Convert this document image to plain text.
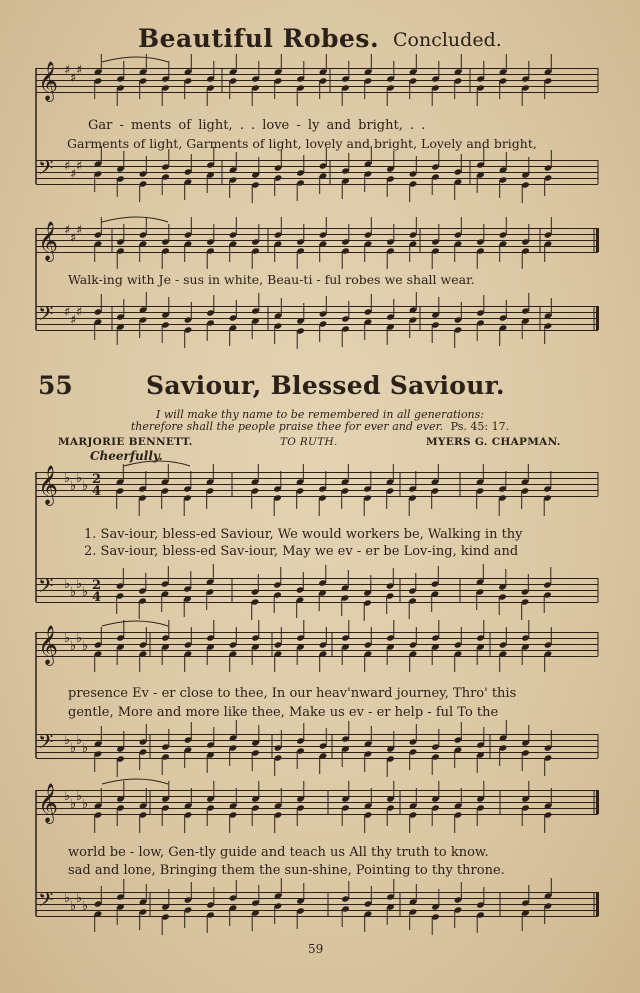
Beautiful Robes. Concluded.
Gar - ments of light, . . love - ly and bright, . .
Garments of light, Garments of light, lovely and bright, Lovely and bright,
Walk-ing with Je - sus in white, Beau-ti - ful robes we shall wear.
55	Saviour, Blessed Saviour.
I will make thy name to be remembered in all generations:
therefore shall the people praise thee for ever and ever. Ps. 45: 17.
MARJORIE BENNETT.	TO RUTH.	MYERS G. CHAPMAN.
Cheerfully.
1. Sav-iour, bless-ed Saviour, We would workers be, Walking in thy
2. Sav-iour, bless-ed Sav-iour, May we ev - er be Lov-ing, kind and
presence Ev - er close to thee, In our heav'nward journey, Thro' this
gentle, More and more like thee, Make us ev - er help - ful To the
world be - low, Gen-tly guide and teach us All thy truth to know.
sad and lone, Bringing them the sun-shine, Pointing to thy throne.
59
𝄞
𝄢
♯
♯
♯
♯
♯
♯
𝄞
𝄢
♯
♯
♯
♯
♯
♯
𝄞
𝄢
♭
♭
♭
♭
♭
♭
♭
♭
2
4
2
4
𝄞
𝄢
♭
♭
♭
♭
♭
♭
♭
♭
𝄞
𝄢
♭
♭
♭
♭
♭
♭
♭
♭
